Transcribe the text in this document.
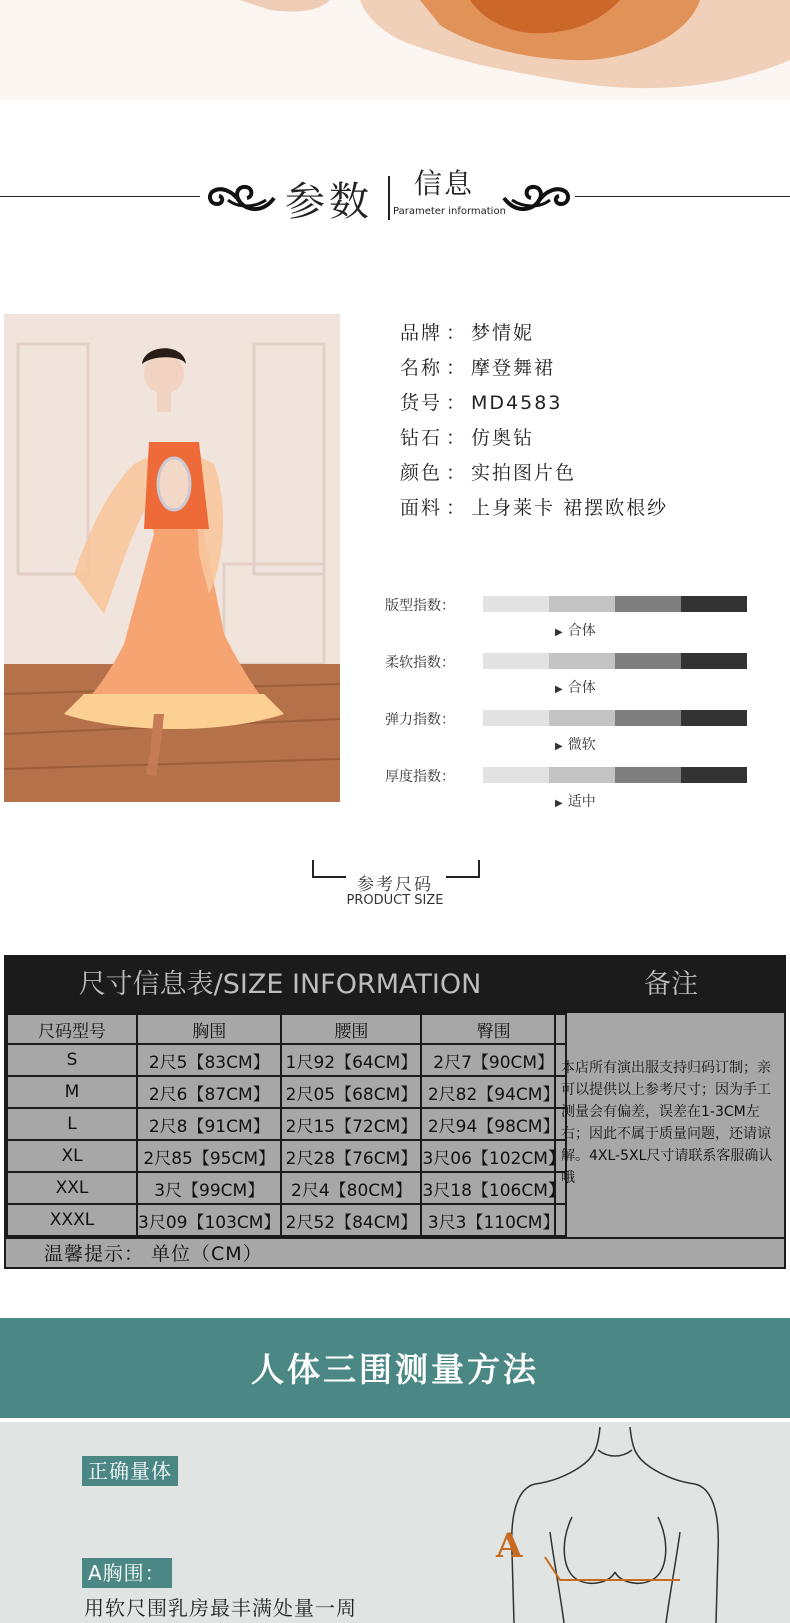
参数 信息
Parameter information
品牌 ： 梦情妮
名称 ： 摩登舞裙
货号 ： MD4583
钻石 ： 仿奥钻
颜色 ： 实拍图片色
面料 ： 上身莱卡 裙摆欧根纱
版型指数：
▶ 合体
柔软指数：
▶ 合体
弹力指数：
▶ 微软
厚度指数：
▶ 适中
参考尺码
PRODUCT SIZE
尺寸信息表/SIZE INFORMATION	备注
尺码型号	胸围	腰围	臀围
S	2尺5【83CM】	1尺92【64CM】	2尺7【90CM】
M	2尺6【87CM】	2尺05【68CM】	2尺82【94CM】
L	2尺8【91CM】	2尺15【72CM】	2尺94【98CM】
XL	2尺85【95CM】	2尺28【76CM】	3尺06【102CM】
XXL	3尺【99CM】	2尺4【80CM】	3尺18【106CM】
XXXL	3尺09【103CM】	2尺52【84CM】	3尺3【110CM】
本店所有演出服支持归码订制；亲可以提供以上参考尺寸；因为手工测量会有偏差，误差在1-3CM左右；因此不属于质量问题，还请谅解。4XL-5XL尺寸请联系客服确认哦
温馨提示： 单位（CM）
人体三围测量方法
A
正确量体
A胸围：
用软尺围乳房最丰满处量一周
